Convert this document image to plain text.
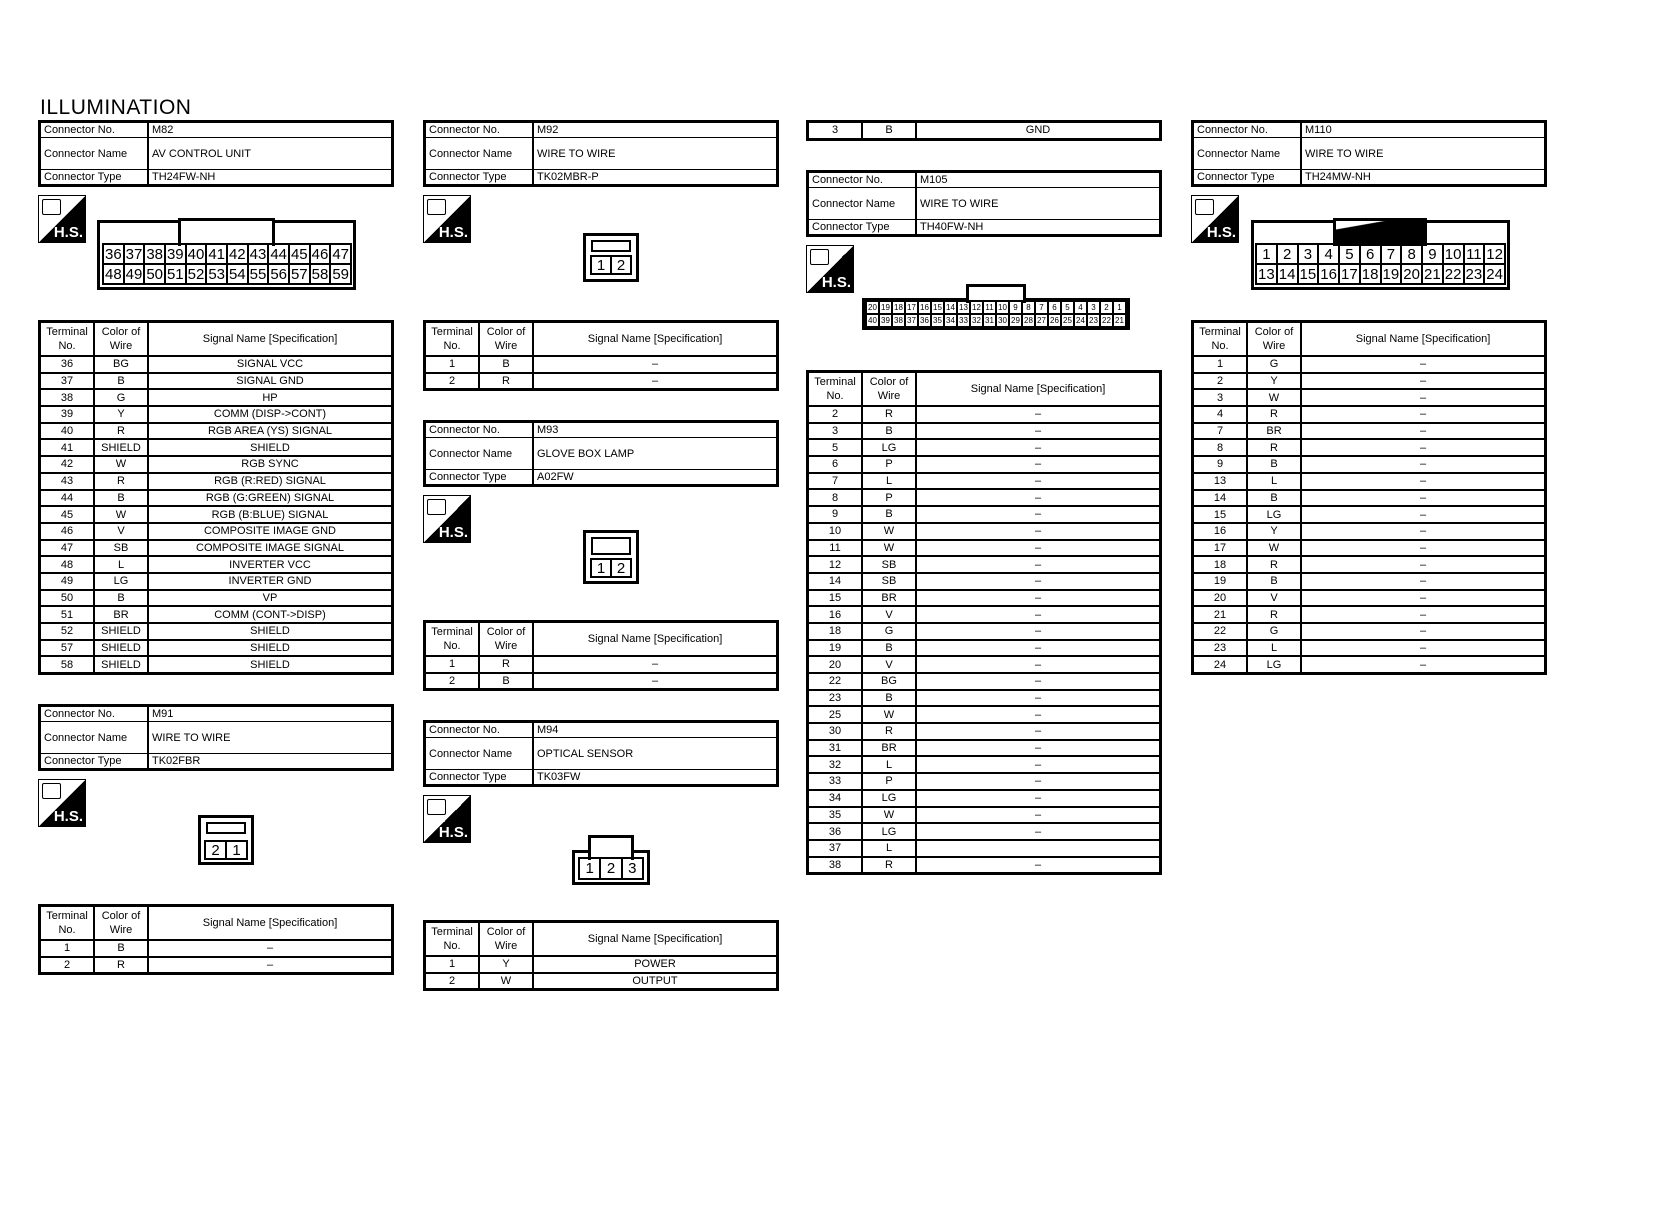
ILLUMINATION
3	B	GND
Connector No.	M82
Connector Name	AV CONTROL UNIT
Connector Type	TH24FW-NH
H.S.
36 37 38 39 40 41 42 43 44 45 46 47
48 49 50 51 52 53 54 55 56 57 58 59
Terminal No.	Color of Wire	Signal Name [Specification]
36	BG	SIGNAL VCC
37	B	SIGNAL GND
38	G	HP
39	Y	COMM (DISP->CONT)
40	R	RGB AREA (YS) SIGNAL
41	SHIELD	SHIELD
42	W	RGB SYNC
43	R	RGB (R:RED) SIGNAL
44	B	RGB (G:GREEN) SIGNAL
45	W	RGB (B:BLUE) SIGNAL
46	V	COMPOSITE IMAGE GND
47	SB	COMPOSITE IMAGE SIGNAL
48	L	INVERTER VCC
49	LG	INVERTER GND
50	B	VP
51	BR	COMM (CONT->DISP)
52	SHIELD	SHIELD
57	SHIELD	SHIELD
58	SHIELD	SHIELD
Connector No.	M91
Connector Name	WIRE TO WIRE
Connector Type	TK02FBR
H.S.
2 1
Terminal No.	Color of Wire	Signal Name [Specification]
1	B	–
2	R	–
Connector No.	M92
Connector Name	WIRE TO WIRE
Connector Type	TK02MBR-P
H.S.
1 2
Terminal No.	Color of Wire	Signal Name [Specification]
1	B	–
2	R	–
Connector No.	M93
Connector Name	GLOVE BOX LAMP
Connector Type	A02FW
H.S.
1 2
Terminal No.	Color of Wire	Signal Name [Specification]
1	R	–
2	B	–
Connector No.	M94
Connector Name	OPTICAL SENSOR
Connector Type	TK03FW
H.S.
1 2 3
Terminal No.	Color of Wire	Signal Name [Specification]
1	Y	POWER
2	W	OUTPUT
Connector No.	M105
Connector Name	WIRE TO WIRE
Connector Type	TH40FW-NH
H.S.
20 19 18 17 16 15 14 13 12 11 10 9	8	7	6	5	4	3	2	1
40 39 38 37 36 35 34 33 32 31 30 29 28 27 26 25 24 23 22 21
Terminal No.	Color of Wire	Signal Name [Specification]
2	R	–
3	B	–
5	LG	–
6	P	–
7	L	–
8	P	–
9	B	–
10	W	–
11	W	–
12	SB	–
14	SB	–
15	BR	–
16	V	–
18	G	–
19	B	–
20	V	–
22	BG	–
23	B	–
25	W	–
30	R	–
31	BR	–
32	L	–
33	P	–
34	LG	–
35	W	–
36	LG	–
37	L	
38	R	–
Connector No.	M110
Connector Name	WIRE TO WIRE
Connector Type	TH24MW-NH
H.S.
1 2 3 4 5 6 7 8 9 10 11 12
13 14 15 16 17 18 19 20 21 22 23 24
Terminal No.	Color of Wire	Signal Name [Specification]
1	G	–
2	Y	–
3	W	–
4	R	–
7	BR	–
8	R	–
9	B	–
13	L	–
14	B	–
15	LG	–
16	Y	–
17	W	–
18	R	–
19	B	–
20	V	–
21	R	–
22	G	–
23	L	–
24	LG	–
